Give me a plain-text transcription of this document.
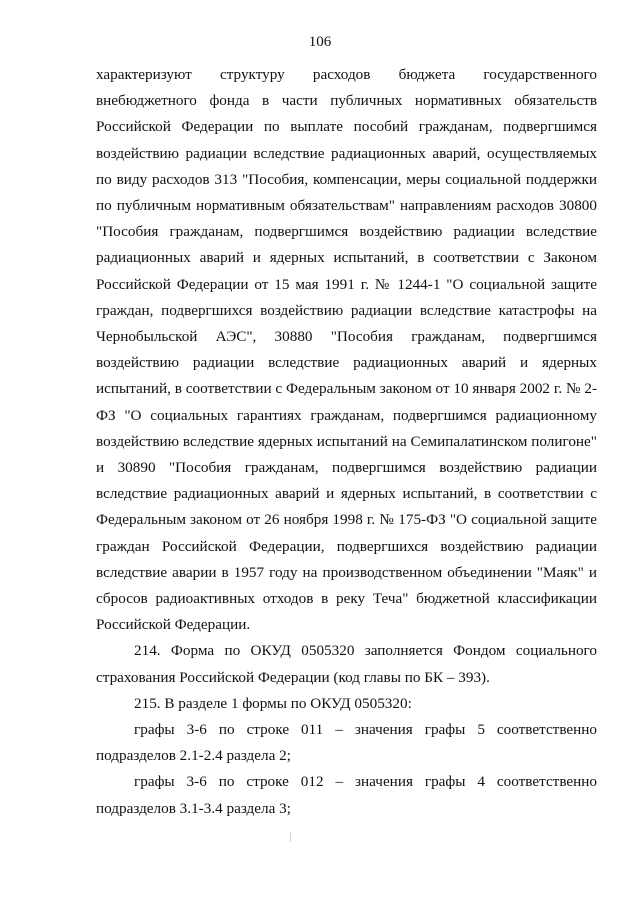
106

характеризуют структуру расходов бюджета государственного внебюджетного фонда в части публичных нормативных обязательств Российской Федерации по выплате пособий гражданам, подвергшимся воздействию радиации вследствие радиационных аварий, осуществляемых по виду расходов 313 "Пособия, компенсации, меры социальной поддержки по публичным нормативным обязательствам" направлениям расходов 30800 "Пособия гражданам, подвергшимся воздействию радиации вследствие радиационных аварий и ядерных испытаний, в соответствии с Законом Российской Федерации от 15 мая 1991 г. № 1244-1 "О социальной защите граждан, подвергшихся воздействию радиации вследствие катастрофы на Чернобыльской АЭС", 30880 "Пособия гражданам, подвергшимся воздействию радиации вследствие радиационных аварий и ядерных испытаний, в соответствии с Федеральным законом от 10 января 2002 г. № 2-ФЗ "О социальных гарантиях гражданам, подвергшимся радиационному воздействию вследствие ядерных испытаний на Семипалатинском полигоне" и 30890 "Пособия гражданам, подвергшимся воздействию радиации вследствие радиационных аварий и ядерных испытаний, в соответствии с Федеральным законом от 26 ноября 1998 г. № 175-ФЗ "О социальной защите граждан Российской Федерации, подвергшихся воздействию радиации вследствие аварии в 1957 году на производственном объединении "Маяк" и сбросов радиоактивных отходов в реку Теча" бюджетной классификации Российской Федерации.

214. Форма по ОКУД 0505320 заполняется Фондом социального страхования Российской Федерации (код главы по БК – 393).

215. В разделе 1 формы по ОКУД 0505320:

графы 3-6 по строке 011 – значения графы 5 соответственно подразделов 2.1-2.4 раздела 2;

графы 3-6 по строке 012 – значения графы 4 соответственно подразделов 3.1-3.4 раздела 3;
